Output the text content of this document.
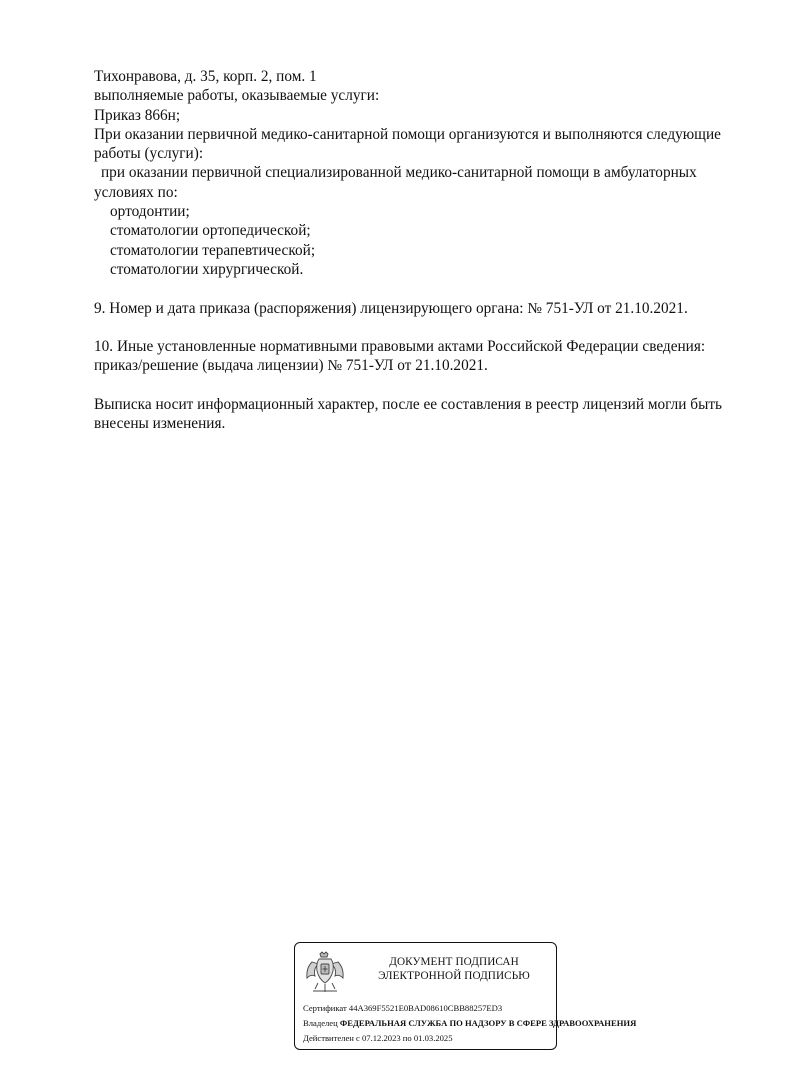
Тихонравова, д. 35, корп. 2, пом. 1
выполняемые работы, оказываемые услуги:
Приказ 866н;
При оказании первичной медико-санитарной помощи организуются и выполняются следующие
работы (услуги):
при оказании первичной специализированной медико-санитарной помощи в амбулаторных
условиях по:
ортодонтии;
стоматологии ортопедической;
стоматологии терапевтической;
стоматологии хирургической.
9. Номер и дата приказа (распоряжения) лицензирующего органа: № 751-УЛ от 21.10.2021.
10. Иные установленные нормативными правовыми актами Российской Федерации сведения:
приказ/решение (выдача лицензии) № 751-УЛ от 21.10.2021.
Выписка носит информационный характер, после ее составления в реестр лицензий могли быть
внесены изменения.
ДОКУМЕНТ ПОДПИСАН
ЭЛЕКТРОННОЙ ПОДПИСЬЮ
Сертификат 44A369F5521E0BAD08610CBB88257ED3
Владелец ФЕДЕРАЛЬНАЯ СЛУЖБА ПО НАДЗОРУ В СФЕРЕ ЗДРАВООХРАНЕНИЯ
Действителен с 07.12.2023 по 01.03.2025
